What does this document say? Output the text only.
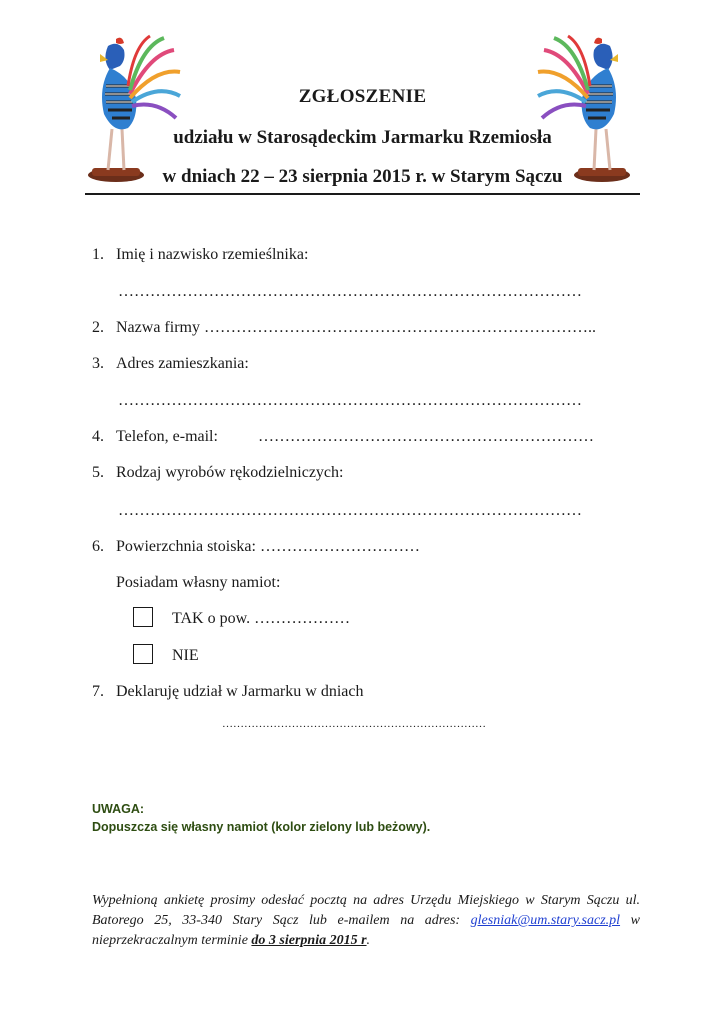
ZGŁOSZENIE
udziału w Starosądeckim Jarmarku Rzemiosła
w dniach 22 – 23 sierpnia 2015 r. w Starym Sączu
1. Imię i nazwisko rzemieślnika:
……………………………………………………………………………
2. Nazwa firmy ………………………………………………………………..
3. Adres zamieszkania:
……………………………………………………………………………
4. Telefon, e-mail:	………………………………………………………
5. Rodzaj wyrobów rękodzielniczych:
……………………………………………………………………………
6. Powierzchnia stoiska: …………………………
Posiadam własny namiot:
TAK o pow. ………………
NIE
7. Deklaruję udział w Jarmarku w dniach
………………………………………………………………
UWAGA:
Dopuszcza się własny namiot (kolor zielony lub beżowy).
Wypełnioną ankietę prosimy odesłać pocztą na adres Urzędu Miejskiego w Starym Sączu ul. Batorego 25, 33-340 Stary Sącz lub e-mailem na adres: glesniak@um.stary.sacz.pl w nieprzekraczalnym terminie do 3 sierpnia 2015 r.
